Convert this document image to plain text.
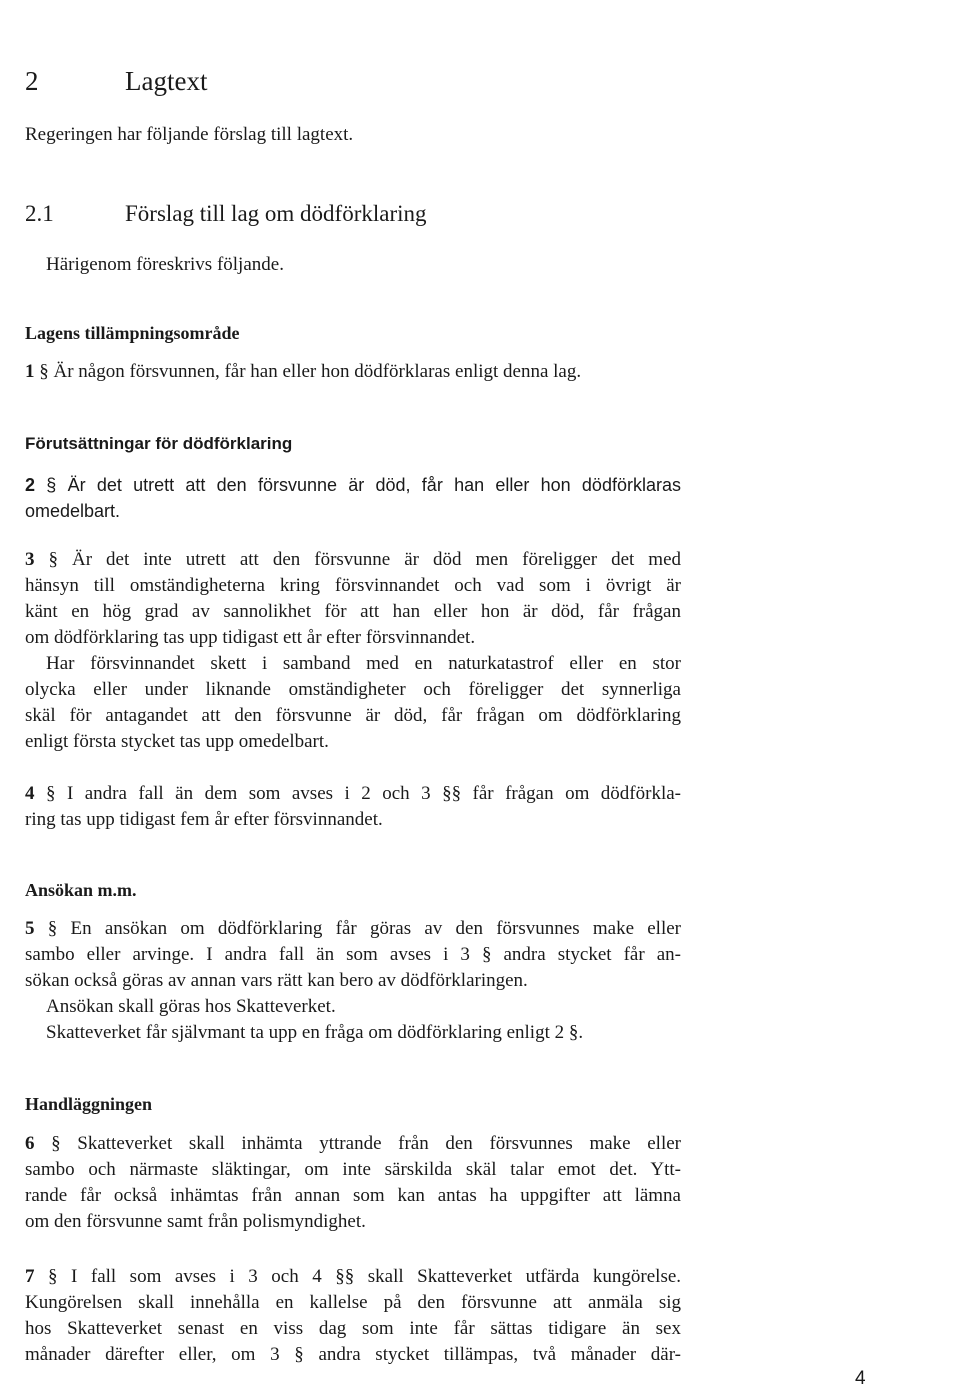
2	Lagtext
Regeringen har följande förslag till lagtext.
2.1	Förslag till lag om dödförklaring
Härigenom föreskrivs följande.
Lagens tillämpningsområde
1 § Är någon försvunnen, får han eller hon dödförklaras enligt denna lag.
Förutsättningar för dödförklaring
2 § Är det utrett att den försvunne är död, får han eller hon dödförklaras
omedelbart.
3 § Är det inte utrett att den försvunne är död men föreligger det med
hänsyn till omständigheterna kring försvinnandet och vad som i övrigt är
känt en hög grad av sannolikhet för att han eller hon är död, får frågan
om dödförklaring tas upp tidigast ett år efter försvinnandet.
Har försvinnandet skett i samband med en naturkatastrof eller en stor
olycka eller under liknande omständigheter och föreligger det synnerliga
skäl för antagandet att den försvunne är död, får frågan om dödförklaring
enligt första stycket tas upp omedelbart.
4 § I andra fall än dem som avses i 2 och 3 §§ får frågan om dödförkla-
ring tas upp tidigast fem år efter försvinnandet.
Ansökan m.m.
5 § En ansökan om dödförklaring får göras av den försvunnes make eller
sambo eller arvinge. I andra fall än som avses i 3 § andra stycket får an-
sökan också göras av annan vars rätt kan bero av dödförklaringen.
Ansökan skall göras hos Skatteverket.
Skatteverket får självmant ta upp en fråga om dödförklaring enligt 2 §.
Handläggningen
6 § Skatteverket skall inhämta yttrande från den försvunnes make eller
sambo och närmaste släktingar, om inte särskilda skäl talar emot det. Ytt-
rande får också inhämtas från annan som kan antas ha uppgifter att lämna
om den försvunne samt från polismyndighet.
7 § I fall som avses i 3 och 4 §§ skall Skatteverket utfärda kungörelse.
Kungörelsen skall innehålla en kallelse på den försvunne att anmäla sig
hos Skatteverket senast en viss dag som inte får sättas tidigare än sex
månader därefter eller, om 3 § andra stycket tillämpas, två månader där-
4
